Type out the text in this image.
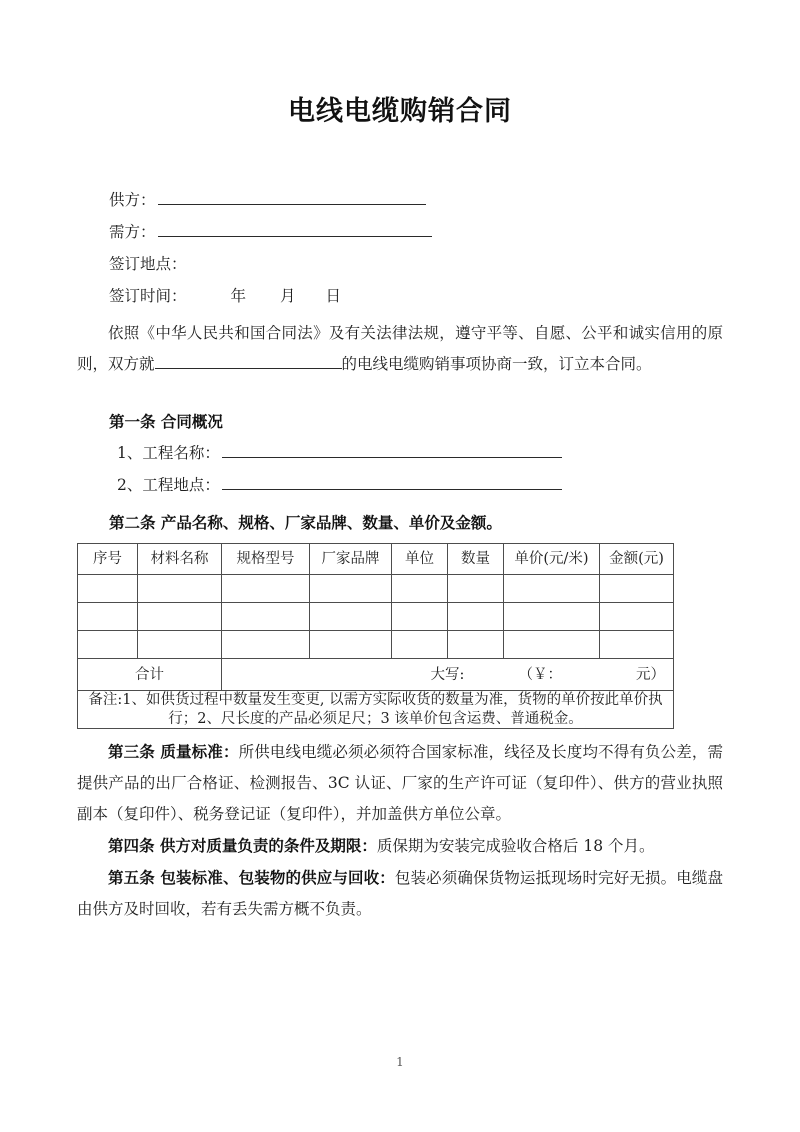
电线电缆购销合同
供方：
需方：
签订地点：
签订时间：	年 月 日

依照《中华人民共和国合同法》及有关法律法规，遵守平等、自愿、公平和诚实信用的原则，双方就	的电线电缆购销事项协商一致，订立本合同。

第一条 合同概况
1、工程名称：
2、工程地点：
第二条 产品名称、规格、厂家品牌、数量、单价及金额。
序号	材料名称	规格型号	厂家品牌	单位	数量	单价(元/米)	金额(元)

合计		大写: （￥： 元）					

备注:1、如供货过程中数量发生变更, 以需方实际收货的数量为准，货物的单价按此单价执行；2、尺长度的产品必须足尺；3 该单价包含运费、普通税金。							

第三条 质量标准：所供电线电缆必须必须符合国家标准，线径及长度均不得有负公差，需提供产品的出厂合格证、检测报告、3C 认证、厂家的生产许可证（复印件）、供方的营业执照副本（复印件）、税务登记证（复印件），并加盖供方单位公章。

第四条 供方对质量负责的条件及期限：质保期为安装完成验收合格后 18 个月。

第五条 包装标准、包装物的供应与回收：包装必须确保货物运抵现场时完好无损。电缆盘由供方及时回收，若有丢失需方概不负责。

1
